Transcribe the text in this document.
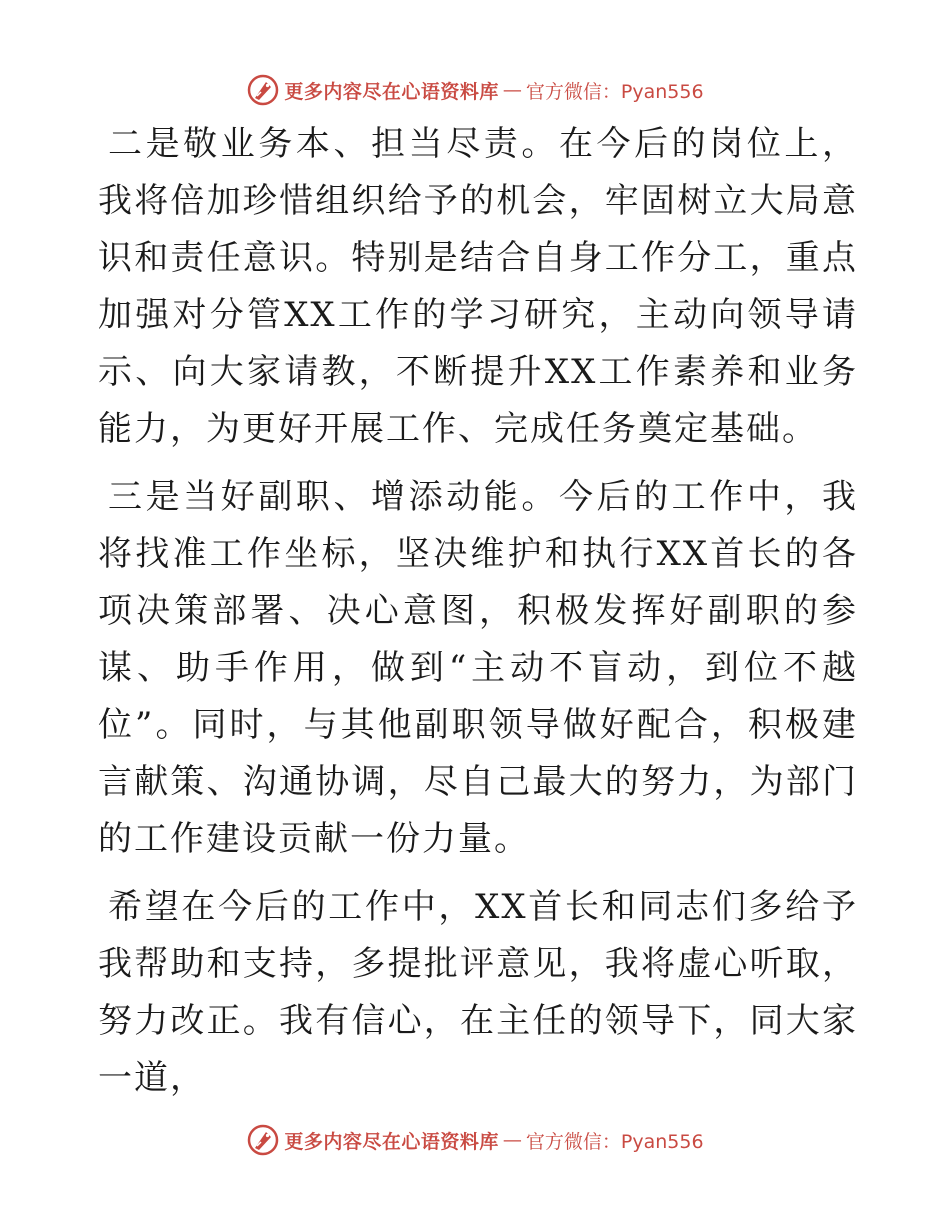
更多内容尽在心语资料库 — 官方微信：Pyan556

二是敬业务本、担当尽责。在今后的岗位上，我将倍加珍惜组织给予的机会，牢固树立大局意识和责任意识。特别是结合自身工作分工，重点加强对分管XX工作的学习研究，主动向领导请示、向大家请教，不断提升XX工作素养和业务能力，为更好开展工作、完成任务奠定基础。

三是当好副职、增添动能。今后的工作中，我将找准工作坐标，坚决维护和执行XX首长的各项决策部署、决心意图，积极发挥好副职的参谋、助手作用，做到“主动不盲动，到位不越位”。同时，与其他副职领导做好配合，积极建言献策、沟通协调，尽自己最大的努力，为部门的工作建设贡献一份力量。

希望在今后的工作中，XX首长和同志们多给予我帮助和支持，多提批评意见，我将虚心听取，努力改正。我有信心，在主任的领导下，同大家一道，

更多内容尽在心语资料库 — 官方微信：Pyan556
